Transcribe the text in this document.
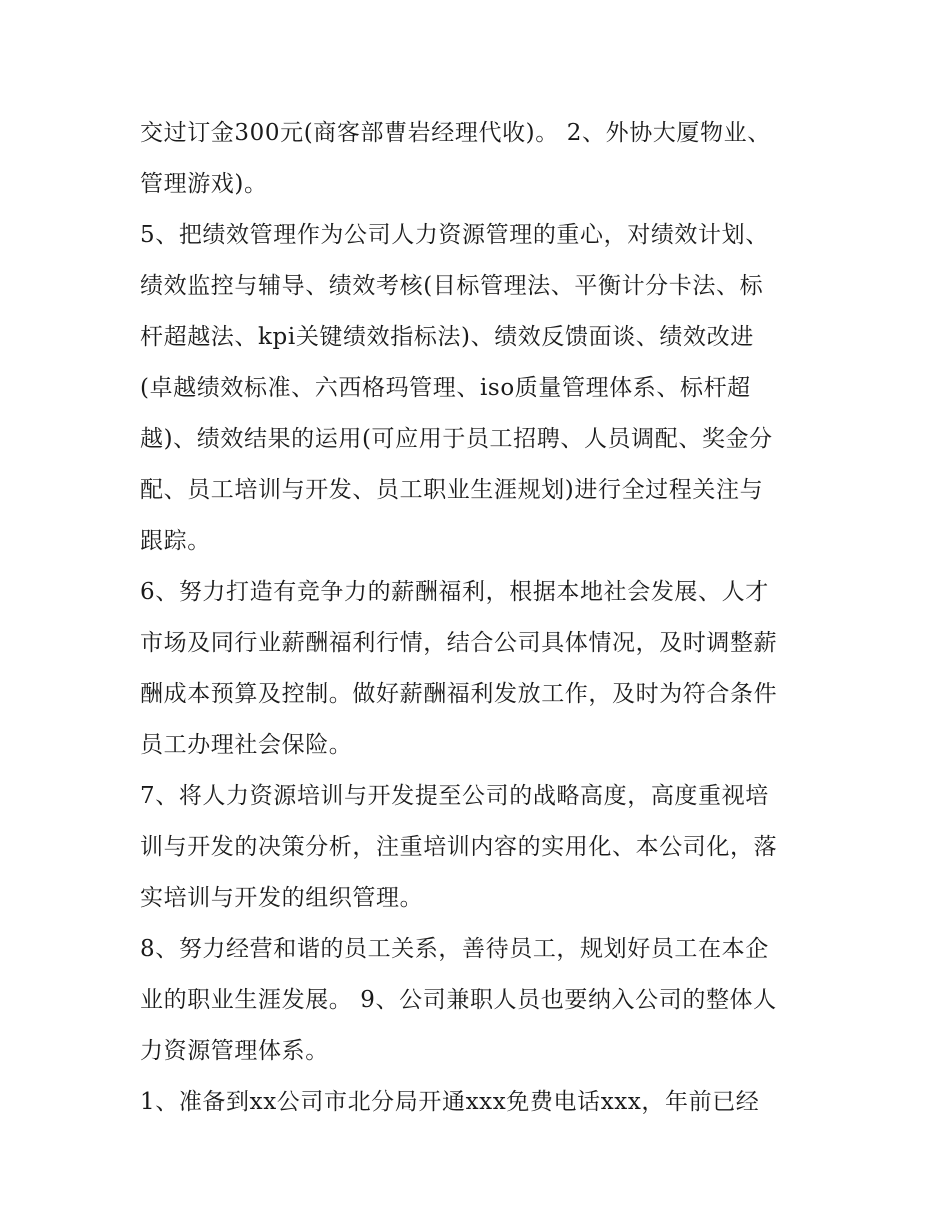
交过订金300元(商客部曹岩经理代收)。 2、外协大厦物业、
管理游戏)。
5、把绩效管理作为公司人力资源管理的重心，对绩效计划、
绩效监控与辅导、绩效考核(目标管理法、平衡计分卡法、标
杆超越法、kpi关键绩效指标法)、绩效反馈面谈、绩效改进
(卓越绩效标准、六西格玛管理、iso质量管理体系、标杆超
越)、绩效结果的运用(可应用于员工招聘、人员调配、奖金分
配、员工培训与开发、员工职业生涯规划)进行全过程关注与
跟踪。
6、努力打造有竞争力的薪酬福利，根据本地社会发展、人才
市场及同行业薪酬福利行情，结合公司具体情况，及时调整薪
酬成本预算及控制。做好薪酬福利发放工作，及时为符合条件
员工办理社会保险。
7、将人力资源培训与开发提至公司的战略高度，高度重视培
训与开发的决策分析，注重培训内容的实用化、本公司化，落
实培训与开发的组织管理。
8、努力经营和谐的员工关系，善待员工，规划好员工在本企
业的职业生涯发展。 9、公司兼职人员也要纳入公司的整体人
力资源管理体系。
1、准备到xx公司市北分局开通xxx免费电话xxx，年前已经
